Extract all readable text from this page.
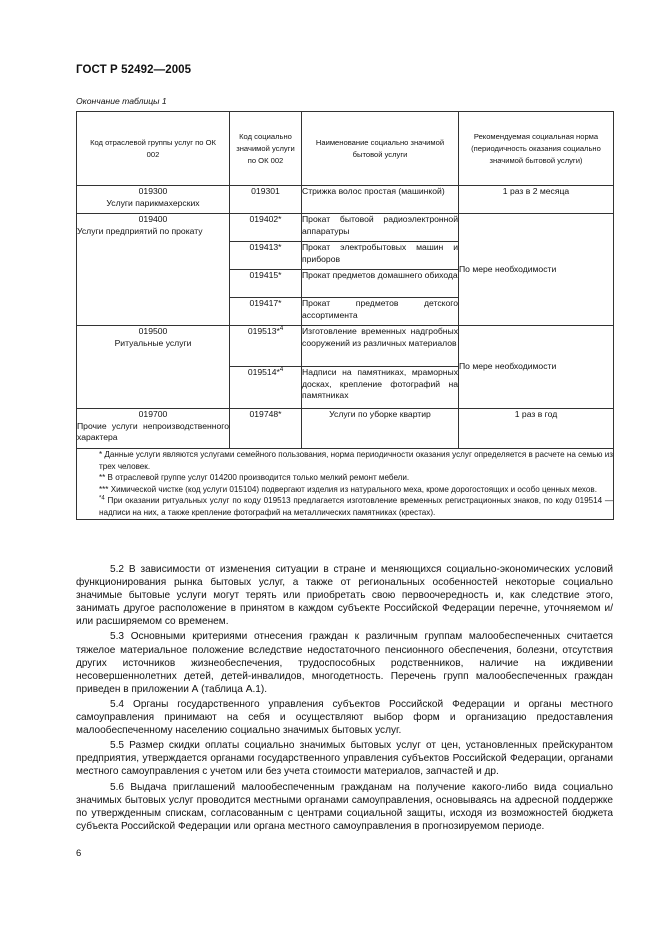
ГОСТ Р 52492—2005
Окончание таблицы 1
Код отраслевой группы услуг по ОК 002	Код социально значимой услуги по ОК 002	Наименование социально значимой бытовой услуги	Рекомендуемая социальная норма (периодичность оказания социально значимой бытовой услуги)

019300
Услуги парикмахерских	019301	Стрижка волос простая (машинкой)	1 раз в 2 месяца

019400
Услуги предприятий по прокату	019402*	Прокат бытовой радиоэлектронной аппаратуры	По мере необходимости
	019413*	Прокат электробытовых машин и приборов	
	019415*	Прокат предметов домашнего обихода	
	019417*	Прокат предметов детского ассортимента	

019500
Ритуальные услуги	019513*$^4$	Изготовление временных надгробных сооружений из различных материалов	По мере необходимости
	019514*$^4$	Надписи на памятниках, мраморных досках, крепление фотографий на памятниках	

019700
Прочие услуги непроизводственного характера	019748*	Услуги по уборке квартир	1 раз в год

* Данные услуги являются услугами семейного пользования, норма периодичности оказания услуг определяется в расчете на семью из трех человек.

** В отраслевой группе услуг 014200 производится только мелкий ремонт мебели.

*** Химической чистке (код услуги 015104) подвергают изделия из натурального меха, кроме дорогостоящих и особо ценных мехов.

$^{*4}$ При оказании ритуальных услуг по коду 019513 предлагается изготовление временных регистрационных знаков, по коду 019514 — надписи на них, а также крепление фотографий на металлических памятниках (крестах).			

5.2 В зависимости от изменения ситуации в стране и меняющихся социально-экономических условий функционирования рынка бытовых услуг, а также от региональных особенностей некоторые социально значимые бытовые услуги могут терять или приобретать свою первоочередность и, как следствие этого, занимать другое расположение в принятом в каждом субъекте Российской Федерации перечне, уточняемом и/или расширяемом со временем.

5.3 Основными критериями отнесения граждан к различным группам малообеспеченных считается тяжелое материальное положение вследствие недостаточного пенсионного обеспечения, болезни, отсутствия других источников жизнеобеспечения, трудоспособных родственников, наличие на иждивении несовершеннолетних детей, детей-инвалидов, многодетность. Перечень групп малообеспеченных граждан приведен в приложении А (таблица А.1).

5.4 Органы государственного управления субъектов Российской Федерации и органы местного самоуправления принимают на себя и осуществляют выбор форм и организацию предоставления малообеспеченному населению социально значимых бытовых услуг.

5.5 Размер скидки оплаты социально значимых бытовых услуг от цен, установленных прейскурантом предприятия, утверждается органами государственного управления субъектов Российской Федерации, органами местного самоуправления с учетом или без учета стоимости материалов, запчастей и др.

5.6 Выдача приглашений малообеспеченным гражданам на получение какого-либо вида социально значимых бытовых услуг проводится местными органами самоуправления, основываясь на адресной поддержке по утвержденным спискам, согласованным с центрами социальной защиты, исходя из возможностей бюджета субъекта Российской Федерации или органа местного самоуправления в прогнозируемом периоде.

6
